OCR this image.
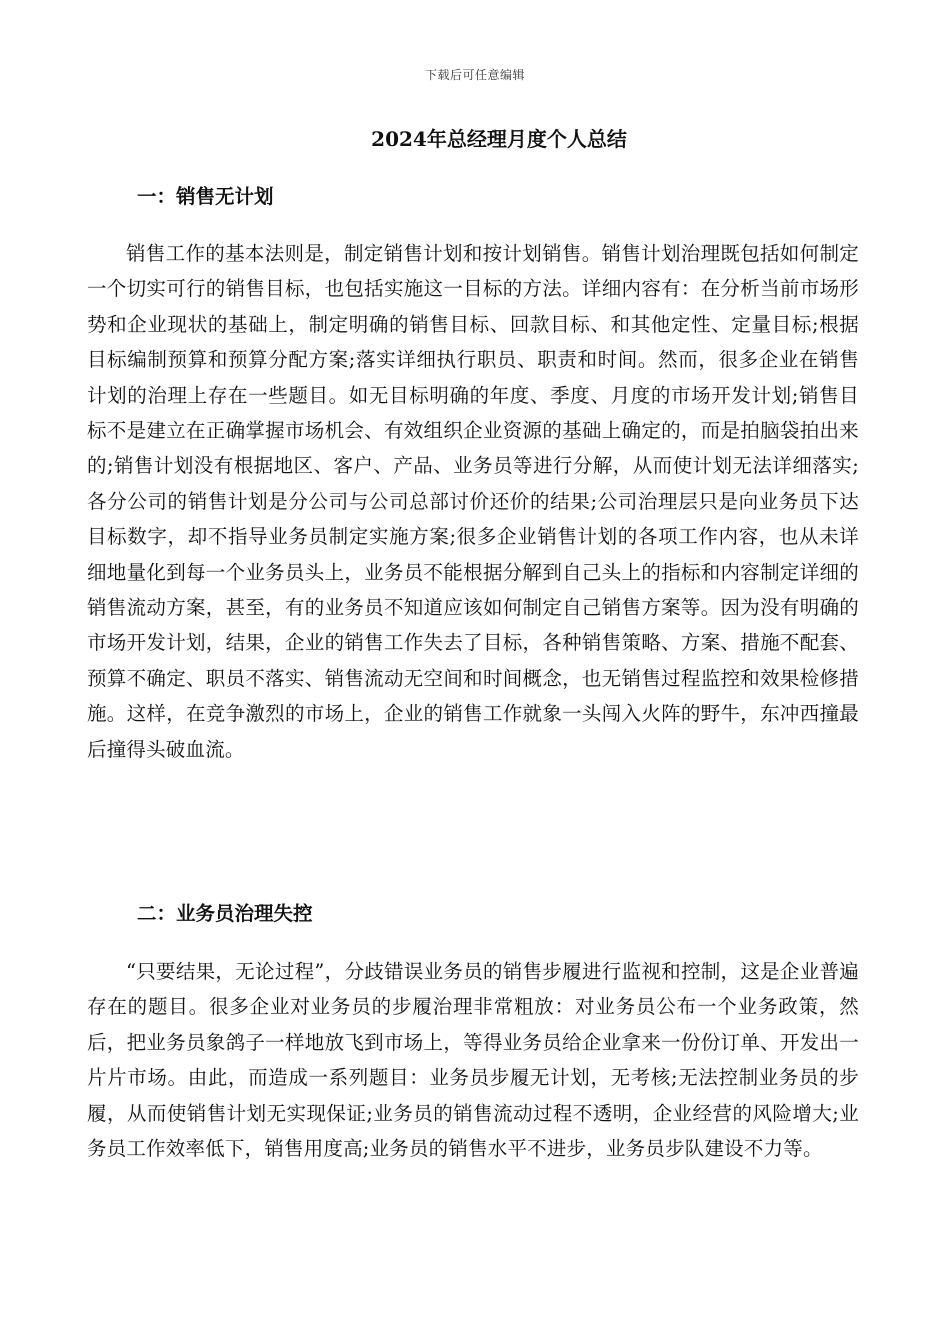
下载后可任意编辑
2024年总经理月度个人总结
一：销售无计划

销售工作的基本法则是，制定销售计划和按计划销售。销售计划治理既包括如何制定一个切实可行的销售目标，也包括实施这一目标的方法。详细内容有：在分析当前市场形势和企业现状的基础上，制定明确的销售目标、回款目标、和其他定性、定量目标;根据目标编制预算和预算分配方案;落实详细执行职员、职责和时间。然而，很多企业在销售计划的治理上存在一些题目。如无目标明确的年度、季度、月度的市场开发计划;销售目标不是建立在正确掌握市场机会、有效组织企业资源的基础上确定的，而是拍脑袋拍出来的;销售计划没有根据地区、客户、产品、业务员等进行分解，从而使计划无法详细落实;各分公司的销售计划是分公司与公司总部讨价还价的结果;公司治理层只是向业务员下达目标数字，却不指导业务员制定实施方案;很多企业销售计划的各项工作内容，也从未详细地量化到每一个业务员头上，业务员不能根据分解到自己头上的指标和内容制定详细的销售流动方案，甚至，有的业务员不知道应该如何制定自己销售方案等。因为没有明确的市场开发计划，结果，企业的销售工作失去了目标，各种销售策略、方案、措施不配套、预算不确定、职员不落实、销售流动无空间和时间概念，也无销售过程监控和效果检修措施。这样，在竞争激烈的市场上，企业的销售工作就象一头闯入火阵的野牛，东冲西撞最后撞得头破血流。

二：业务员治理失控

“只要结果，无论过程”，分歧错误业务员的销售步履进行监视和控制，这是企业普遍存在的题目。很多企业对业务员的步履治理非常粗放：对业务员公布一个业务政策，然后，把业务员象鸽子一样地放飞到市场上，等得业务员给企业拿来一份份订单、开发出一片片市场。由此，而造成一系列题目：业务员步履无计划，无考核;无法控制业务员的步履，从而使销售计划无实现保证;业务员的销售流动过程不透明，企业经营的风险增大;业务员工作效率低下，销售用度高;业务员的销售水平不进步，业务员步队建设不力等。
